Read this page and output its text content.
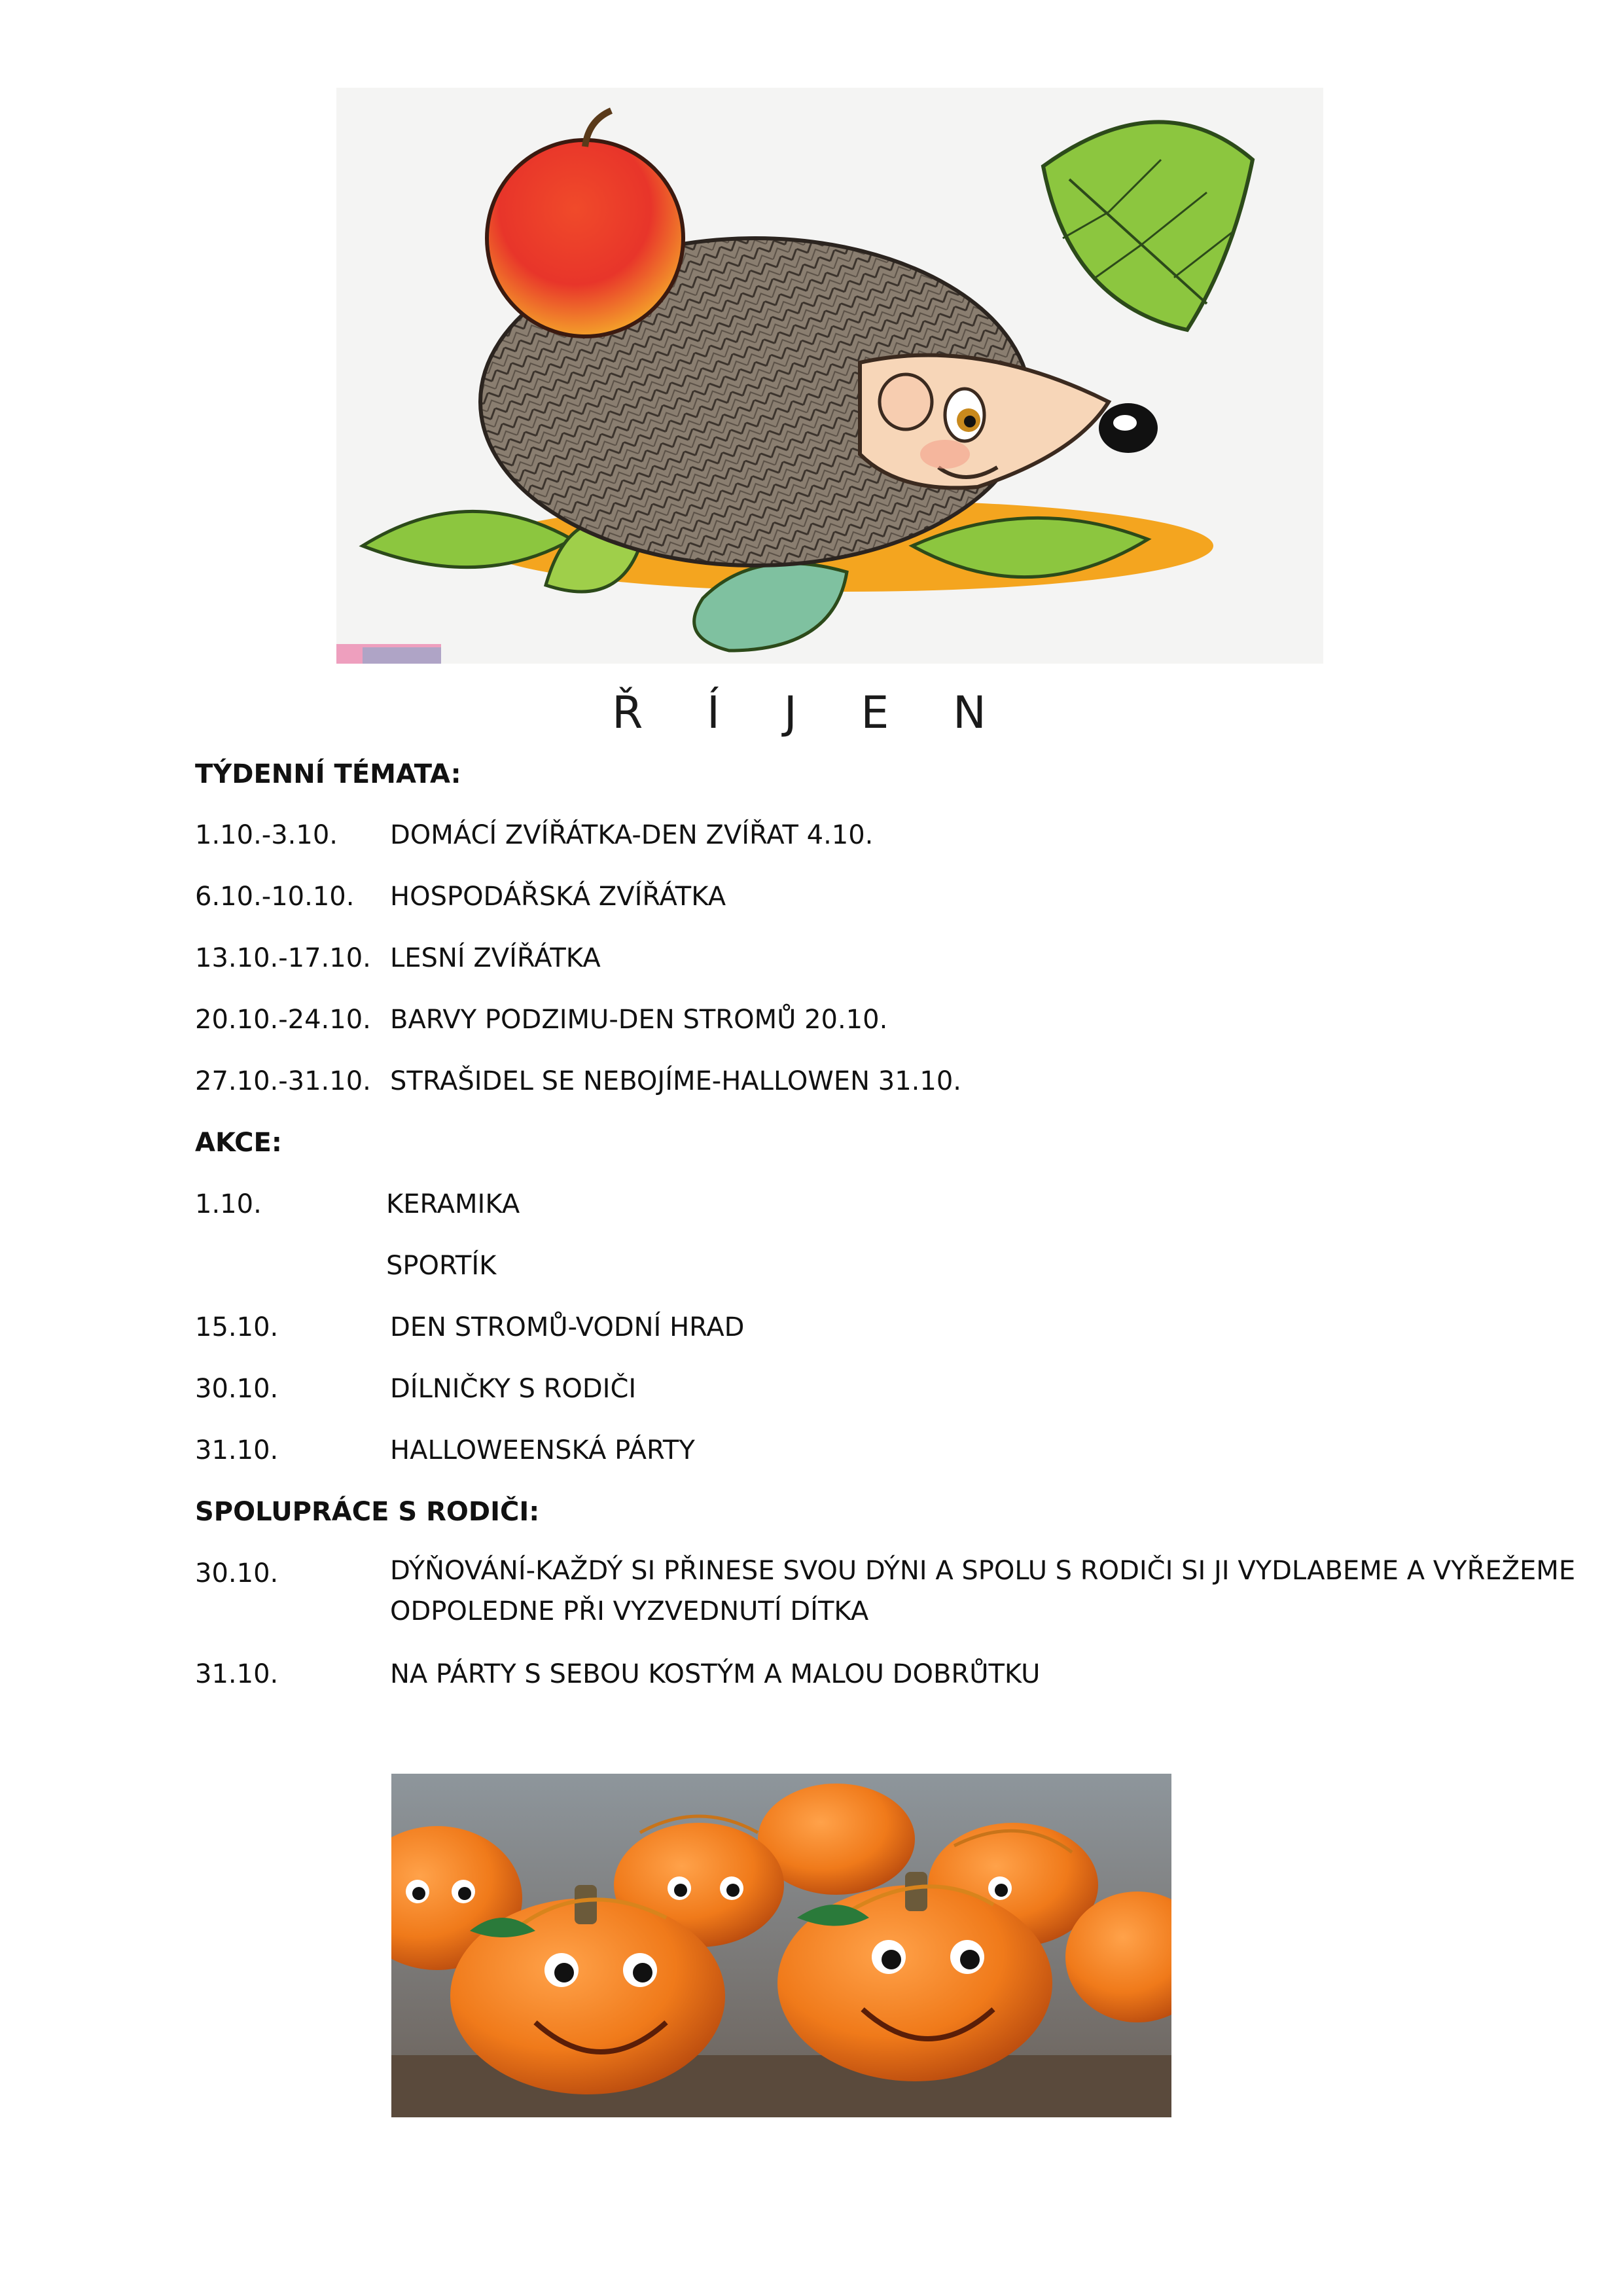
Ř Í J E N
TÝDENNÍ TÉMATA:
1.10.-3.10. DOMÁCÍ ZVÍŘÁTKA-DEN ZVÍŘAT 4.10.
6.10.-10.10. HOSPODÁŘSKÁ ZVÍŘÁTKA
13.10.-17.10. LESNÍ ZVÍŘÁTKA
20.10.-24.10. BARVY PODZIMU-DEN STROMŮ 20.10.
27.10.-31.10. STRAŠIDEL SE NEBOJÍME-HALLOWEN 31.10.
AKCE:
1.10.	KERAMIKA
SPORTÍK
15.10.	DEN STROMŮ-VODNÍ HRAD
30.10.	DÍLNIČKY S RODIČI
31.10.	HALLOWEENSKÁ PÁRTY
SPOLUPRÁCE S RODIČI:
30.10.	DÝŇOVÁNÍ-KAŽDÝ SI PŘINESE SVOU DÝNI A SPOLU S RODIČI SI JI VYDLABEME A VYŘEŽEME ODPOLEDNE PŘI VYZVEDNUTÍ DÍTKA
31.10.	NA PÁRTY S SEBOU KOSTÝM A MALOU DOBRŮTKU
